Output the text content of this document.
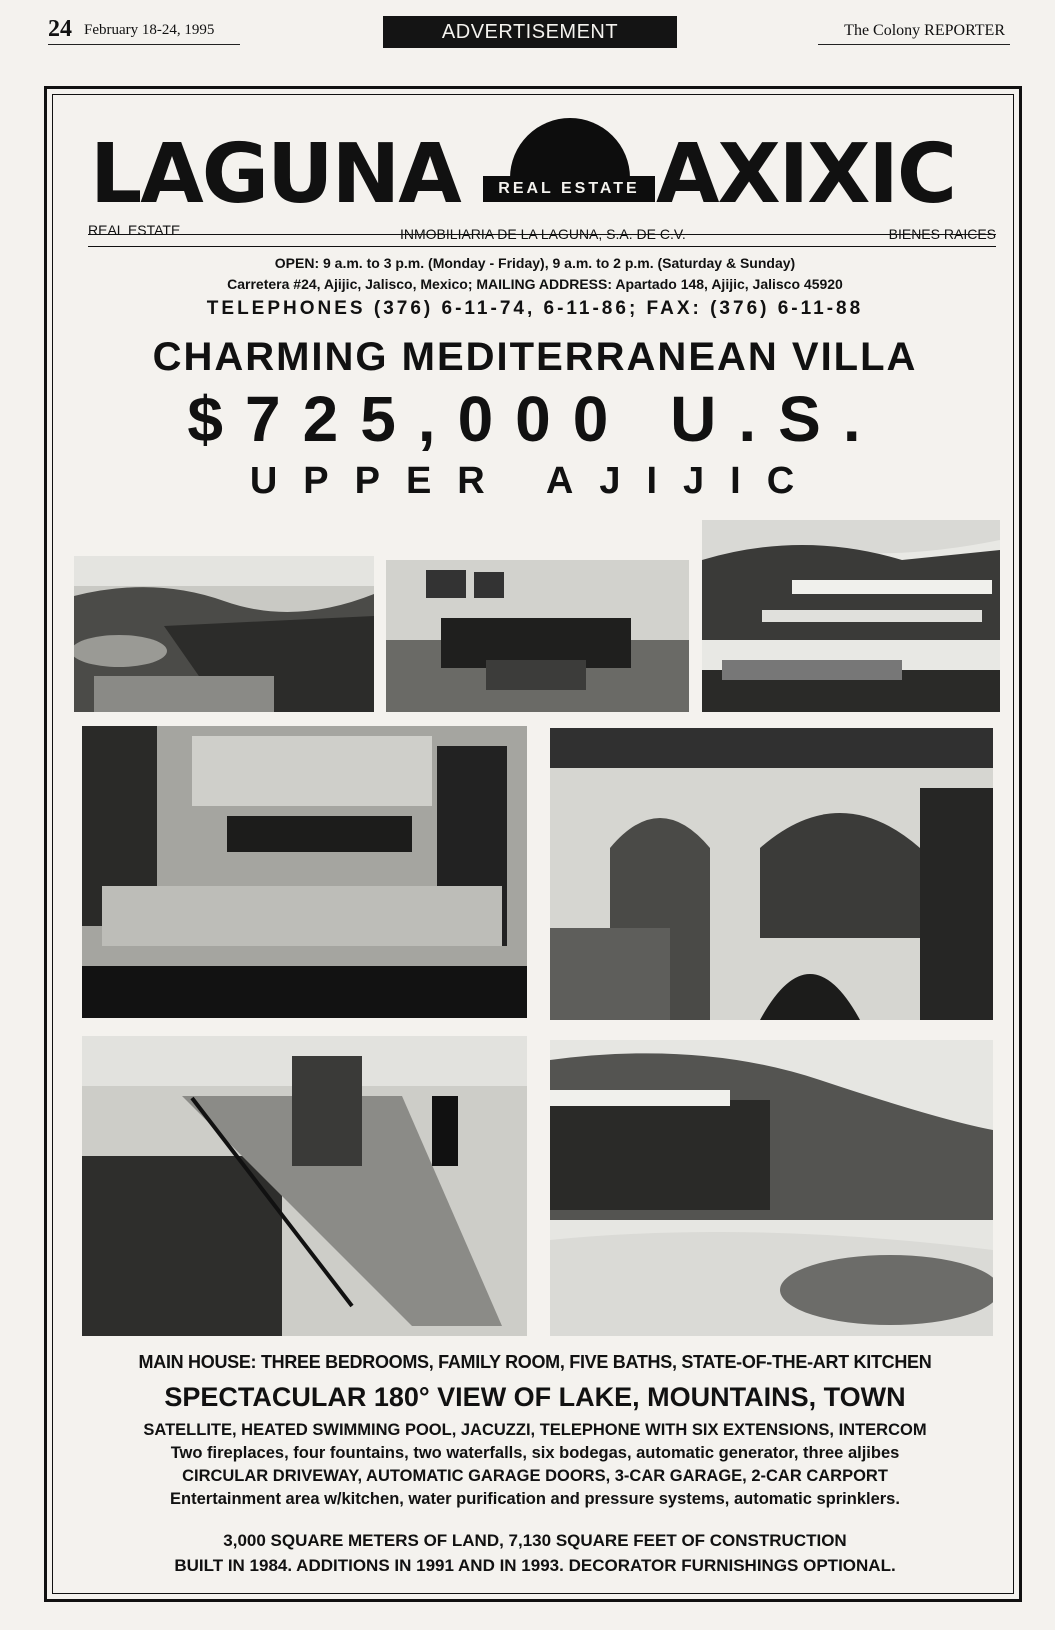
24 February 18-24, 1995	ADVERTISEMENT	The Colony REPORTER
LAGUNA AXIXIC
REAL ESTATE
REAL ESTATE	INMOBILIARIA DE LA LAGUNA, S.A. DE C.V.	BIENES RAICES
OPEN: 9 a.m. to 3 p.m. (Monday - Friday), 9 a.m. to 2 p.m. (Saturday & Sunday)
Carretera #24, Ajijic, Jalisco, Mexico; MAILING ADDRESS: Apartado 148, Ajijic, Jalisco 45920
TELEPHONES (376) 6-11-74, 6-11-86; FAX: (376) 6-11-88
CHARMING MEDITERRANEAN VILLA
$725,000 U.S.
UPPER AJIJIC
MAIN HOUSE: THREE BEDROOMS, FAMILY ROOM, FIVE BATHS, STATE-OF-THE-ART KITCHEN
SPECTACULAR 180° VIEW OF LAKE, MOUNTAINS, TOWN
SATELLITE, HEATED SWIMMING POOL, JACUZZI, TELEPHONE WITH SIX EXTENSIONS, INTERCOM
Two fireplaces, four fountains, two waterfalls, six bodegas, automatic generator, three aljibes
CIRCULAR DRIVEWAY, AUTOMATIC GARAGE DOORS, 3-CAR GARAGE, 2-CAR CARPORT
Entertainment area w/kitchen, water purification and pressure systems, automatic sprinklers.
3,000 SQUARE METERS OF LAND, 7,130 SQUARE FEET OF CONSTRUCTION
BUILT IN 1984. ADDITIONS IN 1991 AND IN 1993. DECORATOR FURNISHINGS OPTIONAL.
